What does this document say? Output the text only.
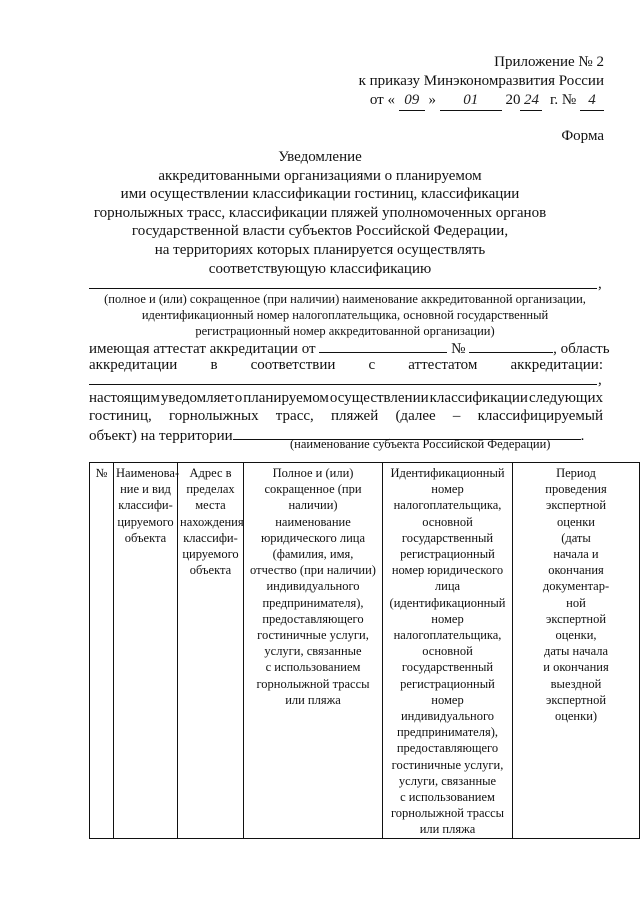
Приложение № 2
к приказу Минэкономразвития России
от « 09 » 01 20 24 г. № 4
Форма
Уведомление
аккредитованными организациями о планируемом
ими осуществлении классификации гостиниц, классификации
горнолыжных трасс, классификации пляжей уполномоченных органов
государственной власти субъектов Российской Федерации,
на территориях которых планируется осуществлять
соответствующую классификацию
,
(полное и (или) сокращенное (при наличии) наименование аккредитованной организации,
идентификационный номер налогоплательщика, основной государственный
регистрационный номер аккредитованной организации)
имеющая аттестат аккредитации от	№	, область
аккредитации в соответствии с аттестатом аккредитации:
,
настоящим уведомляет о планируемом осуществлении классификации следующих
гостиниц, горнолыжных трасс, пляжей (далее – классифицируемый
объект) на территории	.
(наименование субъекта Российской Федерации)
№	Наименова-
ние и вид
классифи-
цируемого
объекта	Адрес в
пределах
места
нахождения
классифи-
цируемого
объекта	Полное и (или)
сокращенное (при
наличии)
наименование
юридического лица
(фамилия, имя,
отчество (при наличии)
индивидуального
предпринимателя),
предоставляющего
гостиничные услуги,
услуги, связанные
с использованием
горнолыжной трассы
или пляжа	Идентификационный
номер
налогоплательщика,
основной
государственный
регистрационный
номер юридического
лица
(идентификационный
номер
налогоплательщика,
основной
государственный
регистрационный
номер
индивидуального
предпринимателя),
предоставляющего
гостиничные услуги,
услуги, связанные
с использованием
горнолыжной трассы
или пляжа	Период
проведения
экспертной
оценки
(даты
начала и
окончания
документар-
ной
экспертной
оценки,
даты начала
и окончания
выездной
экспертной
оценки)
